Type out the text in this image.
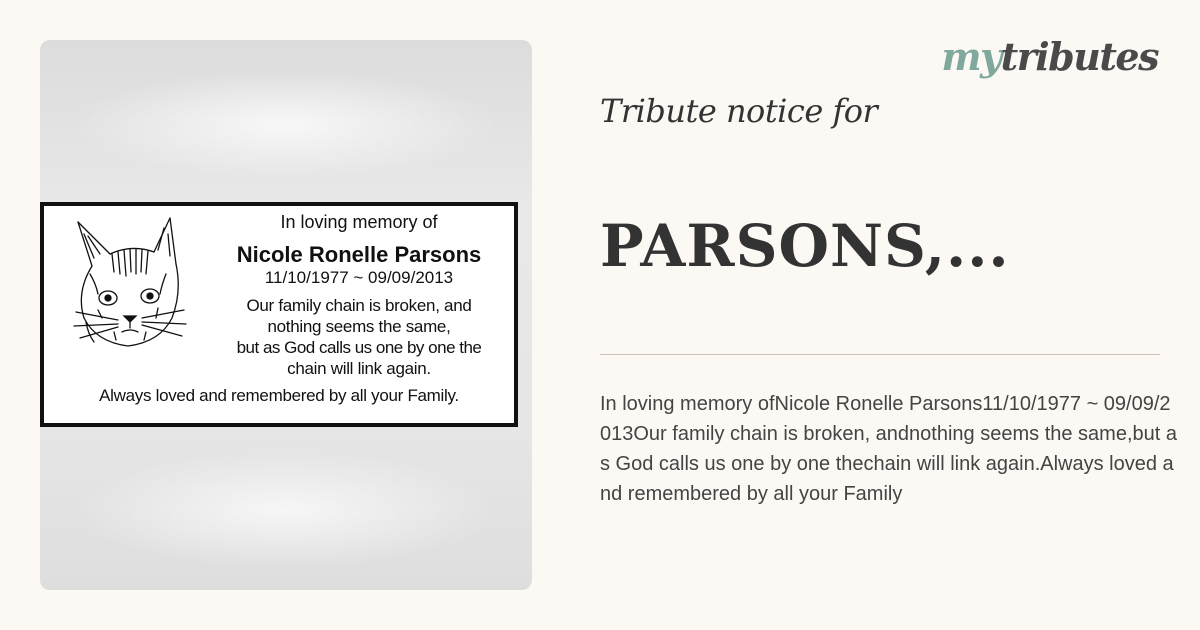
In loving memory of
Nicole Ronelle Parsons
11/10/1977 ~ 09/09/2013
Our family chain is broken, and
nothing seems the same,
but as God calls us one by one the
chain will link again.
Always loved and remembered by all your Family.
mytributes
Tribute notice for
PARSONS,...
In loving memory ofNicole Ronelle Parsons11/10/1977 ~ 09/09/2013Our family chain is broken, andnothing seems the same,but as God calls us one by one thechain will link again.Always loved and remembered by all your Family
